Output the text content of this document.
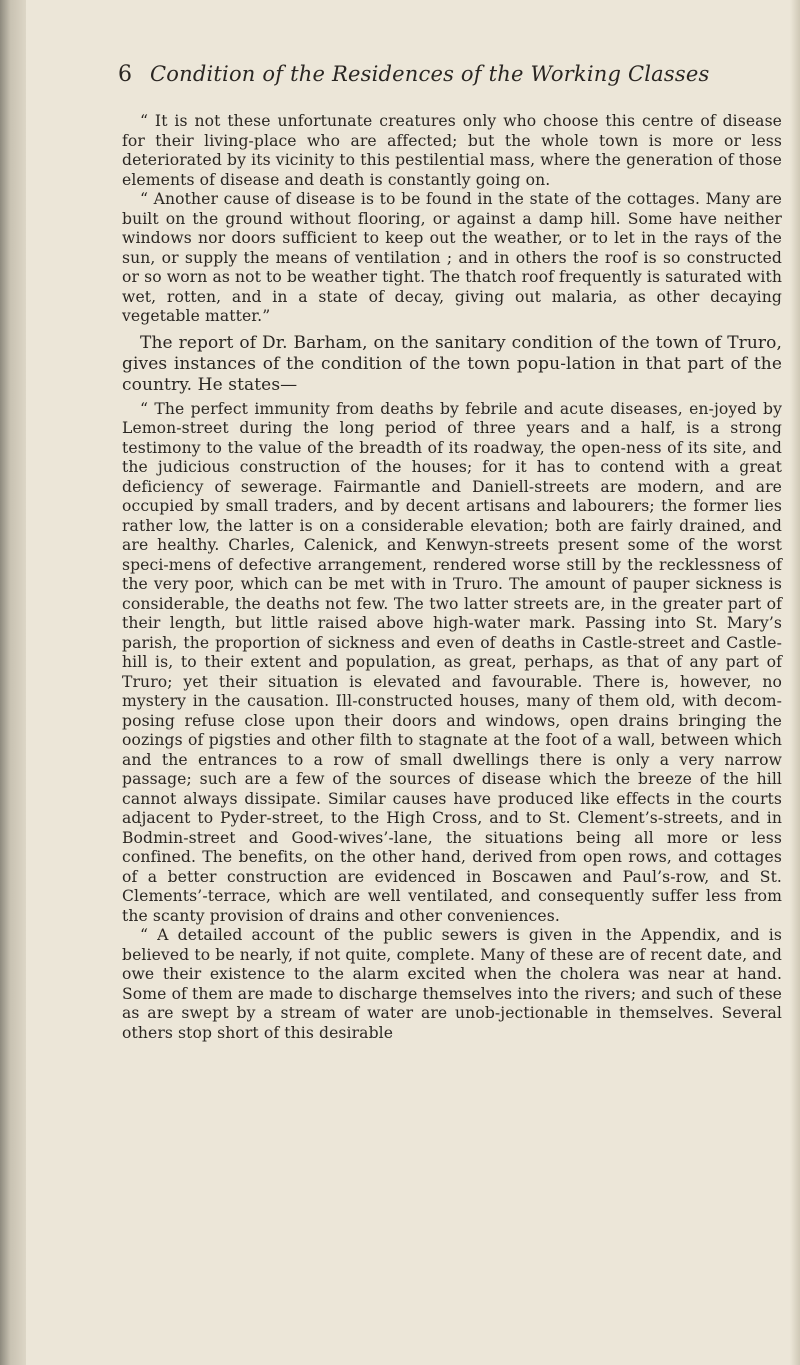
6 Condition of the Residences of the Working Classes

“ It is not these unfortunate creatures only who choose this centre of disease for their living-place who are affected; but the whole town is more or less deteriorated by its vicinity to this pestilential mass, where the generation of those elements of disease and death is constantly going on.

“ Another cause of disease is to be found in the state of the cottages. Many are built on the ground without flooring, or against a damp hill. Some have neither windows nor doors sufficient to keep out the weather, or to let in the rays of the sun, or supply the means of ventilation ; and in others the roof is so constructed or so worn as not to be weather tight. The thatch roof frequently is saturated with wet, rotten, and in a state of decay, giving out malaria, as other decaying vegetable matter.”

The report of Dr. Barham, on the sanitary condition of the town of Truro, gives instances of the condition of the town popu-lation in that part of the country. He states—

“ The perfect immunity from deaths by febrile and acute diseases, en-joyed by Lemon-street during the long period of three years and a half, is a strong testimony to the value of the breadth of its roadway, the open-ness of its site, and the judicious construction of the houses; for it has to contend with a great deficiency of sewerage. Fairmantle and Daniell-streets are modern, and are occupied by small traders, and by decent artisans and labourers; the former lies rather low, the latter is on a considerable elevation; both are fairly drained, and are healthy. Charles, Calenick, and Kenwyn-streets present some of the worst speci-mens of defective arrangement, rendered worse still by the recklessness of the very poor, which can be met with in Truro. The amount of pauper sickness is considerable, the deaths not few. The two latter streets are, in the greater part of their length, but little raised above high-water mark. Passing into St. Mary’s parish, the proportion of sickness and even of deaths in Castle-street and Castle-hill is, to their extent and population, as great, perhaps, as that of any part of Truro; yet their situation is elevated and favourable. There is, however, no mystery in the causation. Ill-constructed houses, many of them old, with decom-posing refuse close upon their doors and windows, open drains bringing the oozings of pigsties and other filth to stagnate at the foot of a wall, between which and the entrances to a row of small dwellings there is only a very narrow passage; such are a few of the sources of disease which the breeze of the hill cannot always dissipate. Similar causes have produced like effects in the courts adjacent to Pyder-street, to the High Cross, and to St. Clement’s-streets, and in Bodmin-street and Good-wives’-lane, the situations being all more or less confined. The benefits, on the other hand, derived from open rows, and cottages of a better construction are evidenced in Boscawen and Paul’s-row, and St. Clements’-terrace, which are well ventilated, and consequently suffer less from the scanty provision of drains and other conveniences.

“ A detailed account of the public sewers is given in the Appendix, and is believed to be nearly, if not quite, complete. Many of these are of recent date, and owe their existence to the alarm excited when the cholera was near at hand. Some of them are made to discharge themselves into the rivers; and such of these as are swept by a stream of water are unob-jectionable in themselves. Several others stop short of this desirable
